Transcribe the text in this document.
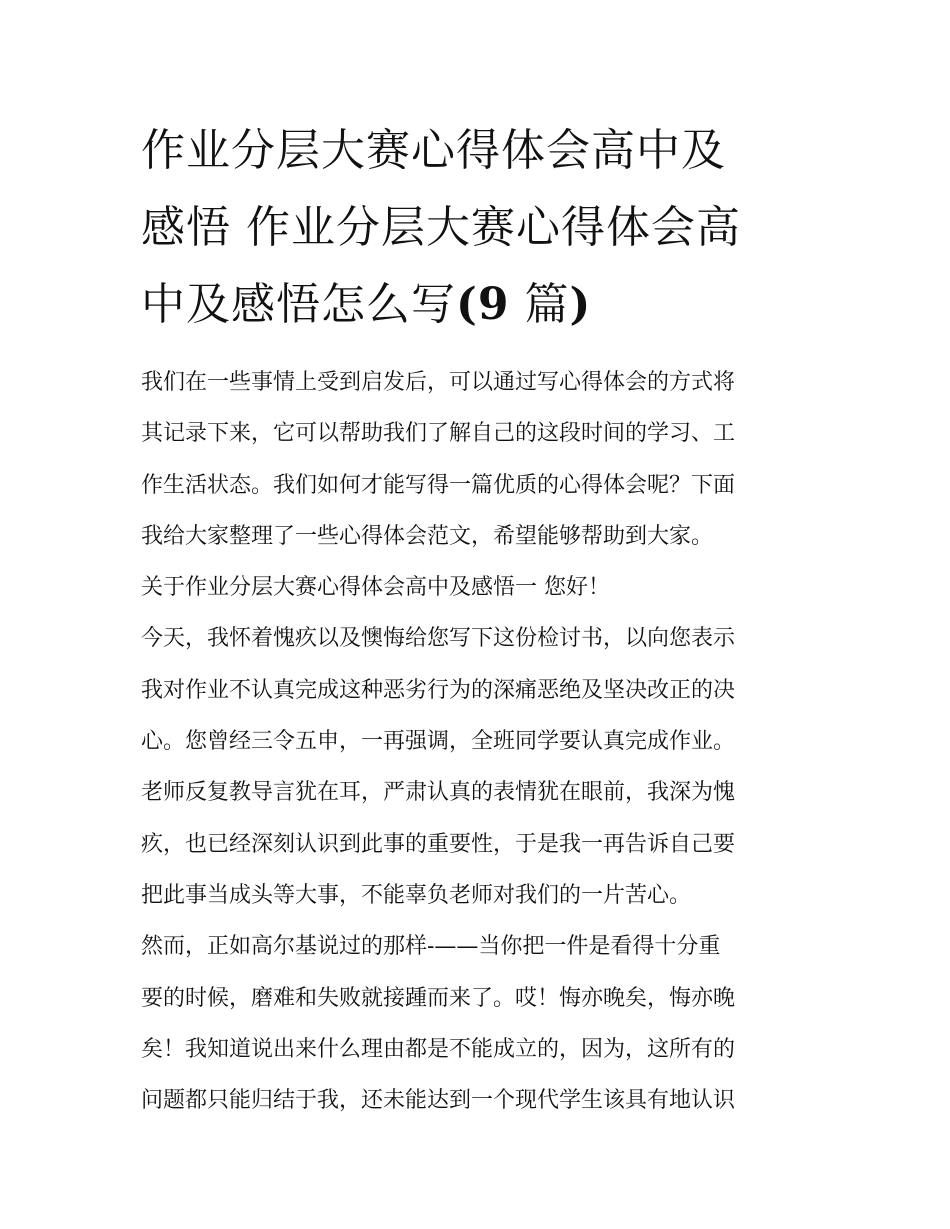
作业分层大赛心得体会高中及
感悟 作业分层大赛心得体会高
中及感悟怎么写(9 篇)
我们在一些事情上受到启发后，可以通过写心得体会的方式将
其记录下来，它可以帮助我们了解自己的这段时间的学习、工
作生活状态。我们如何才能写得一篇优质的心得体会呢？下面
我给大家整理了一些心得体会范文，希望能够帮助到大家。
关于作业分层大赛心得体会高中及感悟一 您好！
今天，我怀着愧疚以及懊悔给您写下这份检讨书，以向您表示
我对作业不认真完成这种恶劣行为的深痛恶绝及坚决改正的决
心。您曾经三令五申，一再强调，全班同学要认真完成作业。
老师反复教导言犹在耳，严肃认真的表情犹在眼前，我深为愧
疚，也已经深刻认识到此事的重要性，于是我一再告诉自己要
把此事当成头等大事，不能辜负老师对我们的一片苦心。
然而，正如高尔基说过的那样-——当你把一件是看得十分重
要的时候，磨难和失败就接踵而来了。哎！悔亦晚矣，悔亦晚
矣！我知道说出来什么理由都是不能成立的，因为，这所有的
问题都只能归结于我，还未能达到一个现代学生该具有地认识
